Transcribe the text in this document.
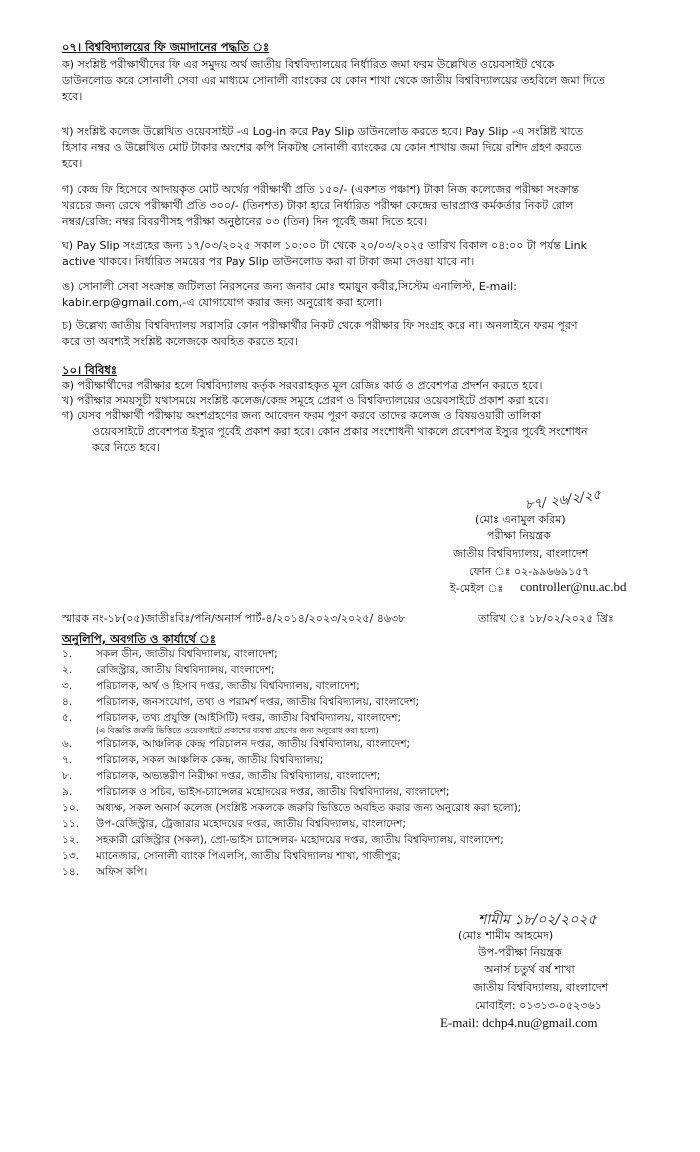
০৭। বিশ্ববিদ্যালয়ের ফি জমাদানের পদ্ধতি ঃ
ক) সংশ্লিষ্ট পরীক্ষার্থীদের ফি এর সমুদয় অর্থ জাতীয় বিশ্ববিদ্যালয়ের নির্ধারিত জমা ফরম উল্লেখিত ওয়েবসাইট থেকে
ডাউনলোড করে সোনালী সেবা এর মাধ্যমে সোনালী ব্যাংকের যে কোন শাখা থেকে জাতীয় বিশ্ববিদ্যালয়ের তহবিলে জমা দিতে
হবে।
খ) সংশ্লিষ্ট কলেজ উল্লেখিত ওয়েবসাইট -এ Log-in করে Pay Slip ডাউনলোড করতে হবে। Pay Slip -এ সংশ্লিষ্ট খাতে
হিসাব নম্বর ও উল্লেখিত মোট টাকার অংশের কপি নিকটস্থ সোনালী ব্যাংকের যে কোন শাখায় জমা দিয়ে রশিদ গ্রহণ করতে
হবে।
গ) কেন্দ্র ফি হিসেবে আদায়কৃত মোট অর্থের পরীক্ষার্থী প্রতি ১৫০/- (একশত পঞ্চাশ) টাকা নিজ কলেজের পরীক্ষা সংক্রান্ত
খরচের জন্য রেখে পরীক্ষার্থী প্রতি ৩০০/- (তিনশত) টাকা হারে নির্ধারিত পরীক্ষা কেন্দ্রের ভারপ্রাপ্ত কর্মকর্তার নিকট রোল
নম্বর/রেজি: নম্বর বিবরণীসহ পরীক্ষা অনুষ্ঠানের ০৩ (তিন) দিন পূর্বেই জমা দিতে হবে।
ঘ) Pay Slip সংগ্রহের জন্য ১৭/০৩/২০২৫ সকাল ১০:০০ টা থেকে ২০/০৩/২০২৫ তারিখ বিকাল ০৪:০০ টা পর্যন্ত Link
active থাকবে। নির্ধারিত সময়ের পর Pay Slip ডাউনলোড করা বা টাকা জমা দেওয়া যাবে না।
ঙ) সোনালী সেবা সংক্রান্ত জটিলতা নিরসনের জন্য জনাব মোঃ হুমায়ুন কবীর,সিস্টেম এনালিস্ট, E-mail:
kabir.erp@gmail.com,-এ যোগাযোগ করার জন্য অনুরোধ করা হলো।
চ) উল্লেখ্য জাতীয় বিশ্ববিদ্যালয় সরাসরি কোন পরীক্ষার্থীর নিকট থেকে পরীক্ষার ফি সংগ্রহ করে না। অনলাইনে ফরম পূরণ
করে তা অবশ্যই সংশ্লিষ্ট কলেজকে অবহিত করতে হবে।
১০। বিবিধঃ
ক) পরীক্ষার্থীদের পরীক্ষার হলে বিশ্ববিদ্যালয় কর্তৃক সরবরাহকৃত মূল রেজিঃ কার্ড ও প্রবেশপত্র প্রদর্শন করতে হবে।
খ) পরীক্ষার সময়সূচী যথাসময়ে সংশ্লিষ্ট কলেজ/কেন্দ্র সমূহে প্রেরণ ও বিশ্ববিদ্যালয়ের ওয়েবসাইটে প্রকাশ করা হবে।
গ) যেসব পরীক্ষার্থী পরীক্ষায় অংশগ্রহণের জন্য আবেদন ফরম পূরণ করবে তাদের কলেজ ও বিষয়ওয়ারী তালিকা
ওয়েবসাইটে প্রবেশপত্র ইস্যুর পূর্বেই প্রকাশ করা হবে। কোন প্রকার সংশোধনী থাকলে প্রবেশপত্র ইস্যুর পূর্বেই সংশোধন
করে নিতে হবে।
৮৭/ ২৬/২/২৫
(মোঃ এনামুল করিম)
পরীক্ষা নিয়ন্ত্রক
জাতীয় বিশ্ববিদ্যালয়, বাংলাদেশ
ফোন ঃ ০২-৯৯৬৬৯১৫৭
ই-মেইল ঃ controller@nu.ac.bd
স্মারক নং-১৮(০৫)জাতীঃবিঃ/পনি/অনার্স পার্ট-৪/২০১৪/২০২৩/২০২৫/ ৪৬৩৮	তারিখ ঃ ১৮/০২/২০২৫ খ্রিঃ
অনুলিপি, অবগতি ও কার্যার্থে ঃ
১. সকল ডীন, জাতীয় বিশ্ববিদ্যালয়, বাংলাদেশ;
২. রেজিস্ট্রার, জাতীয় বিশ্ববিদ্যালয়, বাংলাদেশ;
৩. পরিচালক, অর্থ ও হিসাব দপ্তর, জাতীয় বিশ্ববিদ্যালয়, বাংলাদেশ;
৪. পরিচালক, জনসংযোগ, তথ্য ও পরামর্শ দপ্তর, জাতীয় বিশ্ববিদ্যালয়, বাংলাদেশ;
৫. পরিচালক, তথ্য প্রযুক্তি (আইসিটি) দপ্তর, জাতীয় বিশ্ববিদ্যালয়, বাংলাদেশ;
(এ বিজ্ঞপ্তি জরুরি ভিত্তিতে ওয়েবসাইটে প্রকাশের ব্যবস্থা গ্রহণের জন্য অনুরোধ করা হলো)
৬. পরিচালক, আঞ্চলিক কেন্দ্র পরিচালন দপ্তর, জাতীয় বিশ্ববিদ্যালয়, বাংলাদেশ;
৭. পরিচালক, সকল আঞ্চলিক কেন্দ্র, জাতীয় বিশ্ববিদ্যালয়;
৮. পরিচালক, অভ্যন্তরীণ নিরীক্ষা দপ্তর, জাতীয় বিশ্ববিদ্যালয়, বাংলাদেশ;
৯. পরিচালক ও সচিব, ভাইস-চ্যান্সেলর মহোদয়ের দপ্তর, জাতীয় বিশ্ববিদ্যালয়, বাংলাদেশ;
১০. অধ্যক্ষ, সকল অনার্স কলেজ (সংশ্লিষ্ট সকলকে জরুরি ভিত্তিতে অবহিত করার জন্য অনুরোধ করা হলো);
১১. উপ-রেজিস্ট্রার, ট্রেজারার মহোদয়ের দপ্তর, জাতীয় বিশ্ববিদ্যালয়, বাংলাদেশ;
১২. সহকারী রেজিস্ট্রার (সকল), প্রো-ভাইস চ্যান্সেলর- মহোদয়ের দপ্তর, জাতীয় বিশ্ববিদ্যালয়, বাংলাদেশ;
১৩. ম্যানেজার, সোনালী ব্যাংক পিএলসি, জাতীয় বিশ্ববিদ্যালয় শাখা, গাজীপুর;
১৪. অফিস কপি।
শামীম ১৮/০২/২০২৫
(মোঃ শামীম আহমেদ)
উপ-পরীক্ষা নিয়ন্ত্রক
অনার্স চতুর্থ বর্ষ শাখা
জাতীয় বিশ্ববিদ্যালয়, বাংলাদেশ
মোবাইল: ০১৩১৩-০৫২৩৬১
E-mail: dchp4.nu@gmail.com
